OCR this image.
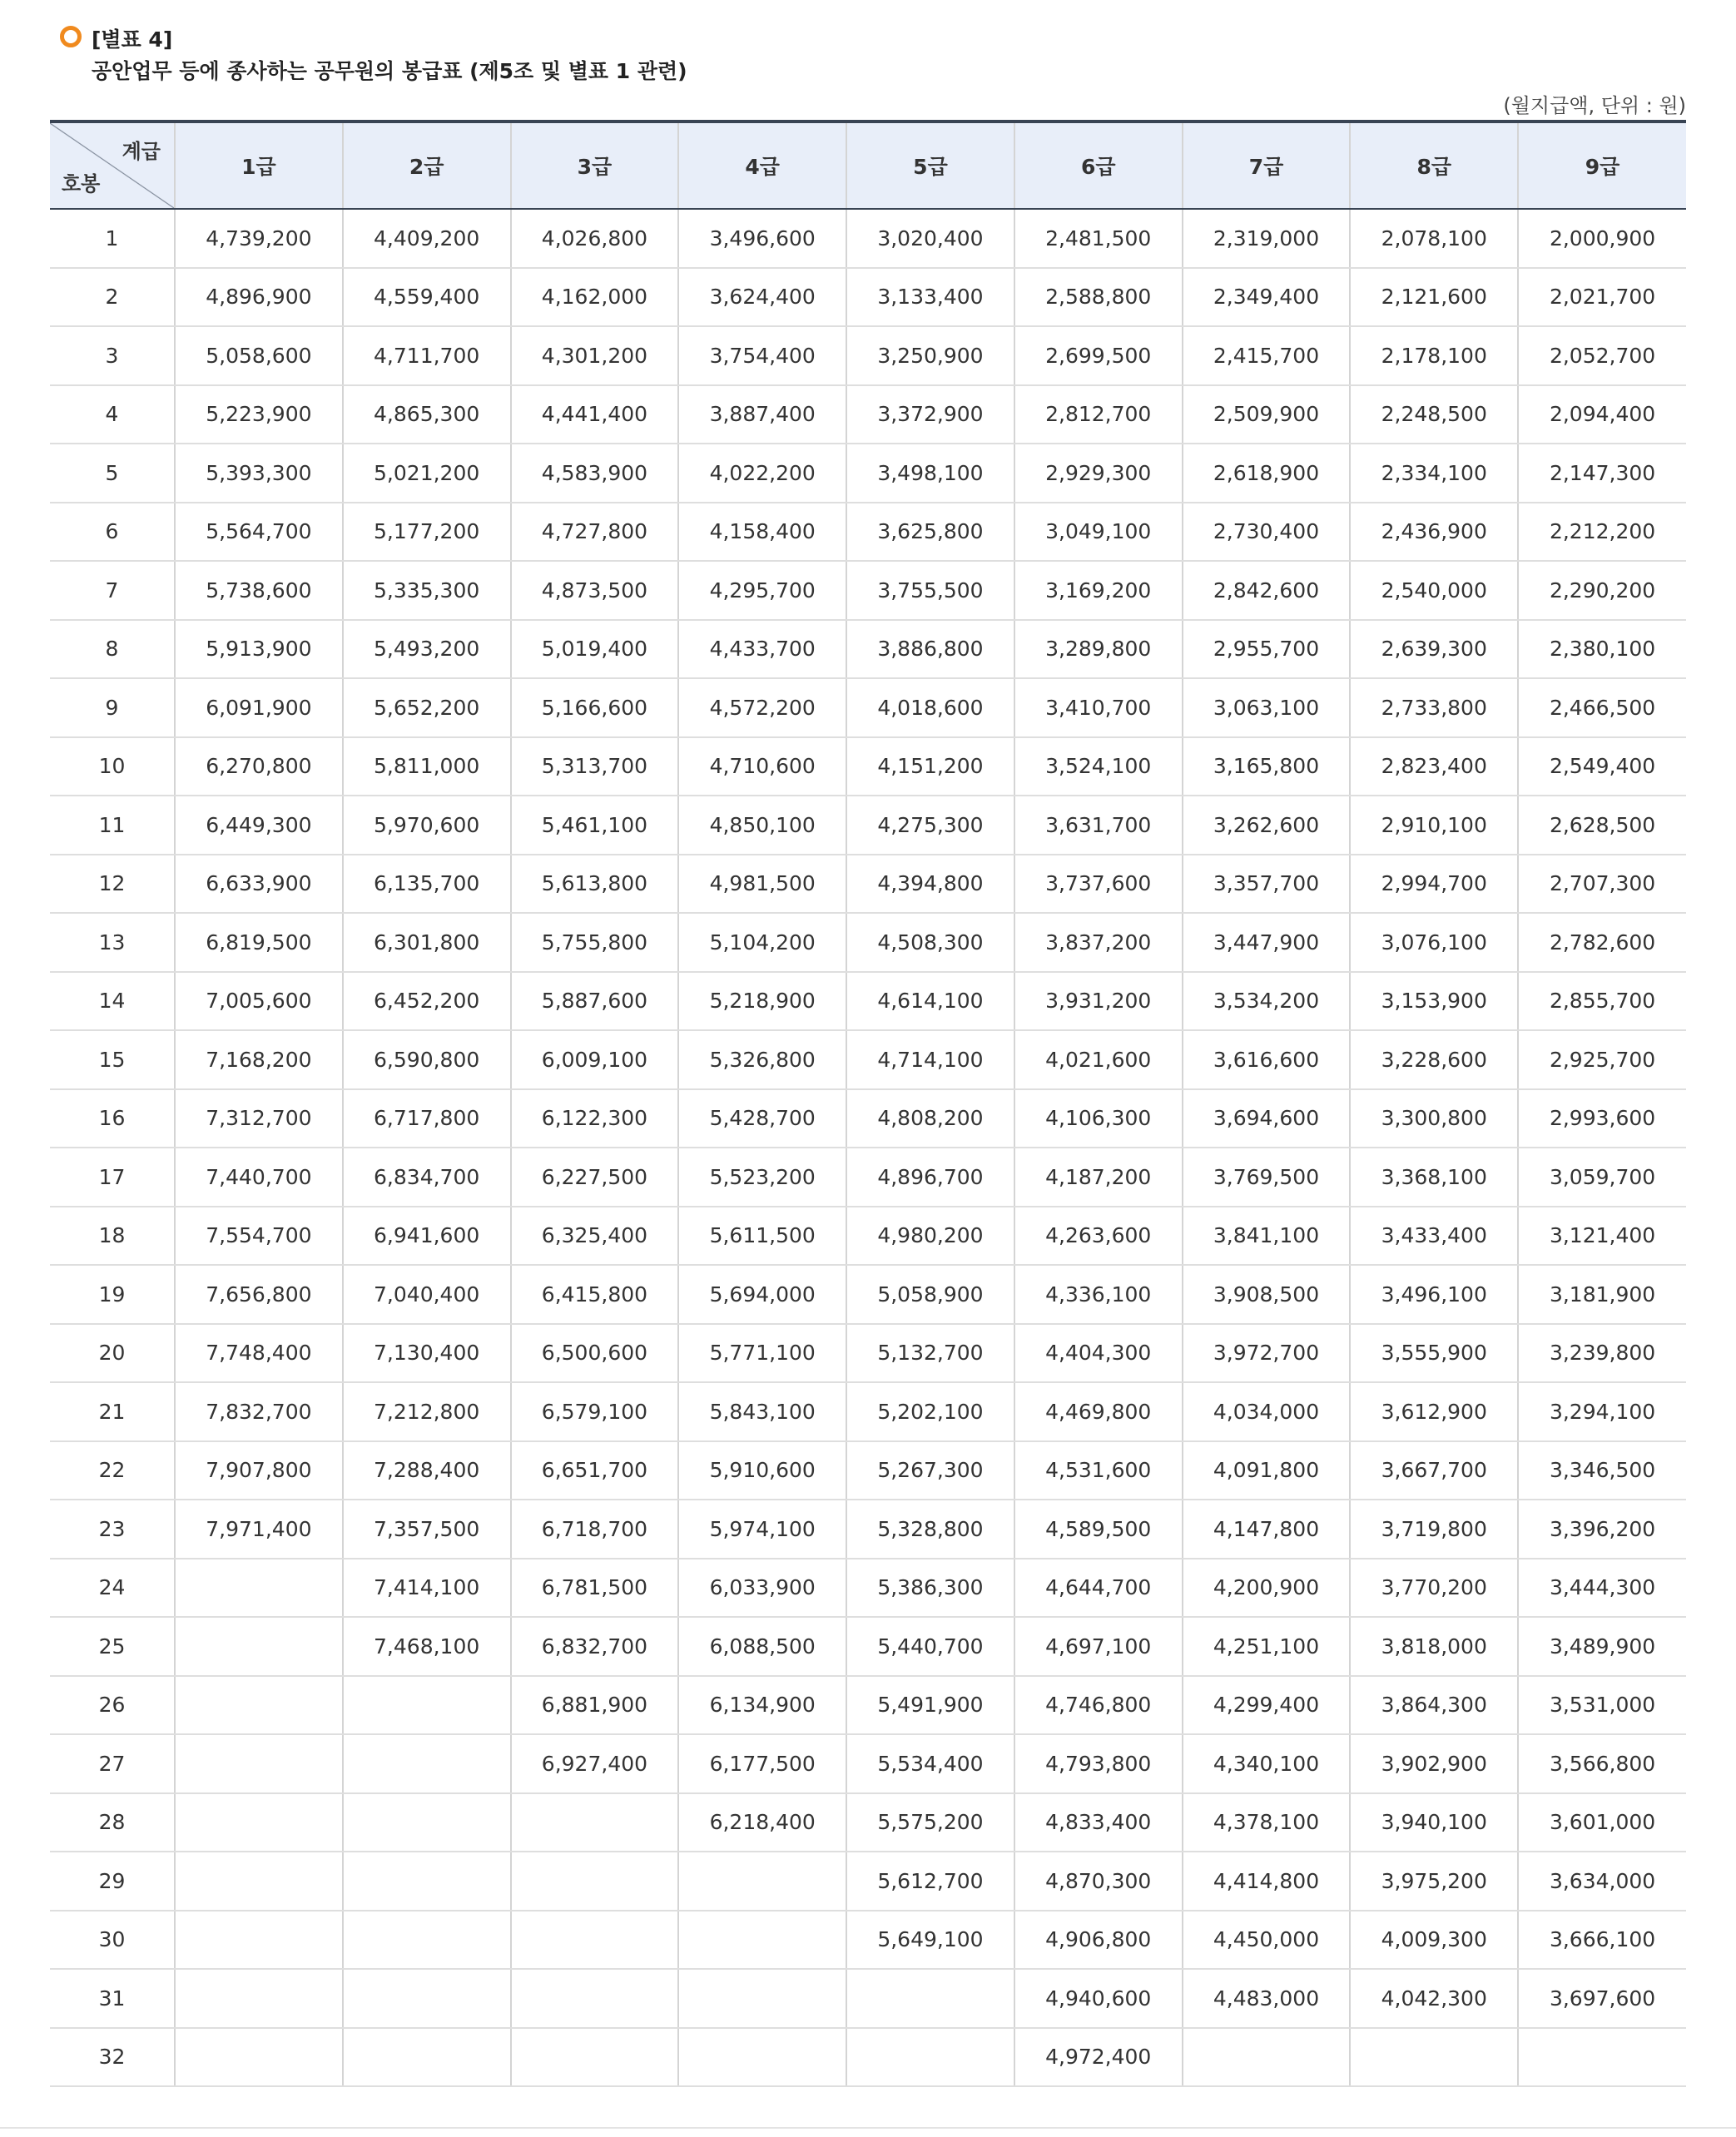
[별표 4]
공안업무 등에 종사하는 공무원의 봉급표 (제5조 및 별표 1 관련)
(월지급액, 단위 : 원)
계급
호봉	1급	2급	3급	4급	5급	6급	7급	8급	9급
1	4,739,200	4,409,200	4,026,800	3,496,600	3,020,400	2,481,500	2,319,000	2,078,100	2,000,900
2	4,896,900	4,559,400	4,162,000	3,624,400	3,133,400	2,588,800	2,349,400	2,121,600	2,021,700
3	5,058,600	4,711,700	4,301,200	3,754,400	3,250,900	2,699,500	2,415,700	2,178,100	2,052,700
4	5,223,900	4,865,300	4,441,400	3,887,400	3,372,900	2,812,700	2,509,900	2,248,500	2,094,400
5	5,393,300	5,021,200	4,583,900	4,022,200	3,498,100	2,929,300	2,618,900	2,334,100	2,147,300
6	5,564,700	5,177,200	4,727,800	4,158,400	3,625,800	3,049,100	2,730,400	2,436,900	2,212,200
7	5,738,600	5,335,300	4,873,500	4,295,700	3,755,500	3,169,200	2,842,600	2,540,000	2,290,200
8	5,913,900	5,493,200	5,019,400	4,433,700	3,886,800	3,289,800	2,955,700	2,639,300	2,380,100
9	6,091,900	5,652,200	5,166,600	4,572,200	4,018,600	3,410,700	3,063,100	2,733,800	2,466,500
10	6,270,800	5,811,000	5,313,700	4,710,600	4,151,200	3,524,100	3,165,800	2,823,400	2,549,400
11	6,449,300	5,970,600	5,461,100	4,850,100	4,275,300	3,631,700	3,262,600	2,910,100	2,628,500
12	6,633,900	6,135,700	5,613,800	4,981,500	4,394,800	3,737,600	3,357,700	2,994,700	2,707,300
13	6,819,500	6,301,800	5,755,800	5,104,200	4,508,300	3,837,200	3,447,900	3,076,100	2,782,600
14	7,005,600	6,452,200	5,887,600	5,218,900	4,614,100	3,931,200	3,534,200	3,153,900	2,855,700
15	7,168,200	6,590,800	6,009,100	5,326,800	4,714,100	4,021,600	3,616,600	3,228,600	2,925,700
16	7,312,700	6,717,800	6,122,300	5,428,700	4,808,200	4,106,300	3,694,600	3,300,800	2,993,600
17	7,440,700	6,834,700	6,227,500	5,523,200	4,896,700	4,187,200	3,769,500	3,368,100	3,059,700
18	7,554,700	6,941,600	6,325,400	5,611,500	4,980,200	4,263,600	3,841,100	3,433,400	3,121,400
19	7,656,800	7,040,400	6,415,800	5,694,000	5,058,900	4,336,100	3,908,500	3,496,100	3,181,900
20	7,748,400	7,130,400	6,500,600	5,771,100	5,132,700	4,404,300	3,972,700	3,555,900	3,239,800
21	7,832,700	7,212,800	6,579,100	5,843,100	5,202,100	4,469,800	4,034,000	3,612,900	3,294,100
22	7,907,800	7,288,400	6,651,700	5,910,600	5,267,300	4,531,600	4,091,800	3,667,700	3,346,500
23	7,971,400	7,357,500	6,718,700	5,974,100	5,328,800	4,589,500	4,147,800	3,719,800	3,396,200
24		7,414,100	6,781,500	6,033,900	5,386,300	4,644,700	4,200,900	3,770,200	3,444,300
25		7,468,100	6,832,700	6,088,500	5,440,700	4,697,100	4,251,100	3,818,000	3,489,900
26			6,881,900	6,134,900	5,491,900	4,746,800	4,299,400	3,864,300	3,531,000
27			6,927,400	6,177,500	5,534,400	4,793,800	4,340,100	3,902,900	3,566,800
28				6,218,400	5,575,200	4,833,400	4,378,100	3,940,100	3,601,000
29					5,612,700	4,870,300	4,414,800	3,975,200	3,634,000
30					5,649,100	4,906,800	4,450,000	4,009,300	3,666,100
31						4,940,600	4,483,000	4,042,300	3,697,600
32						4,972,400			
